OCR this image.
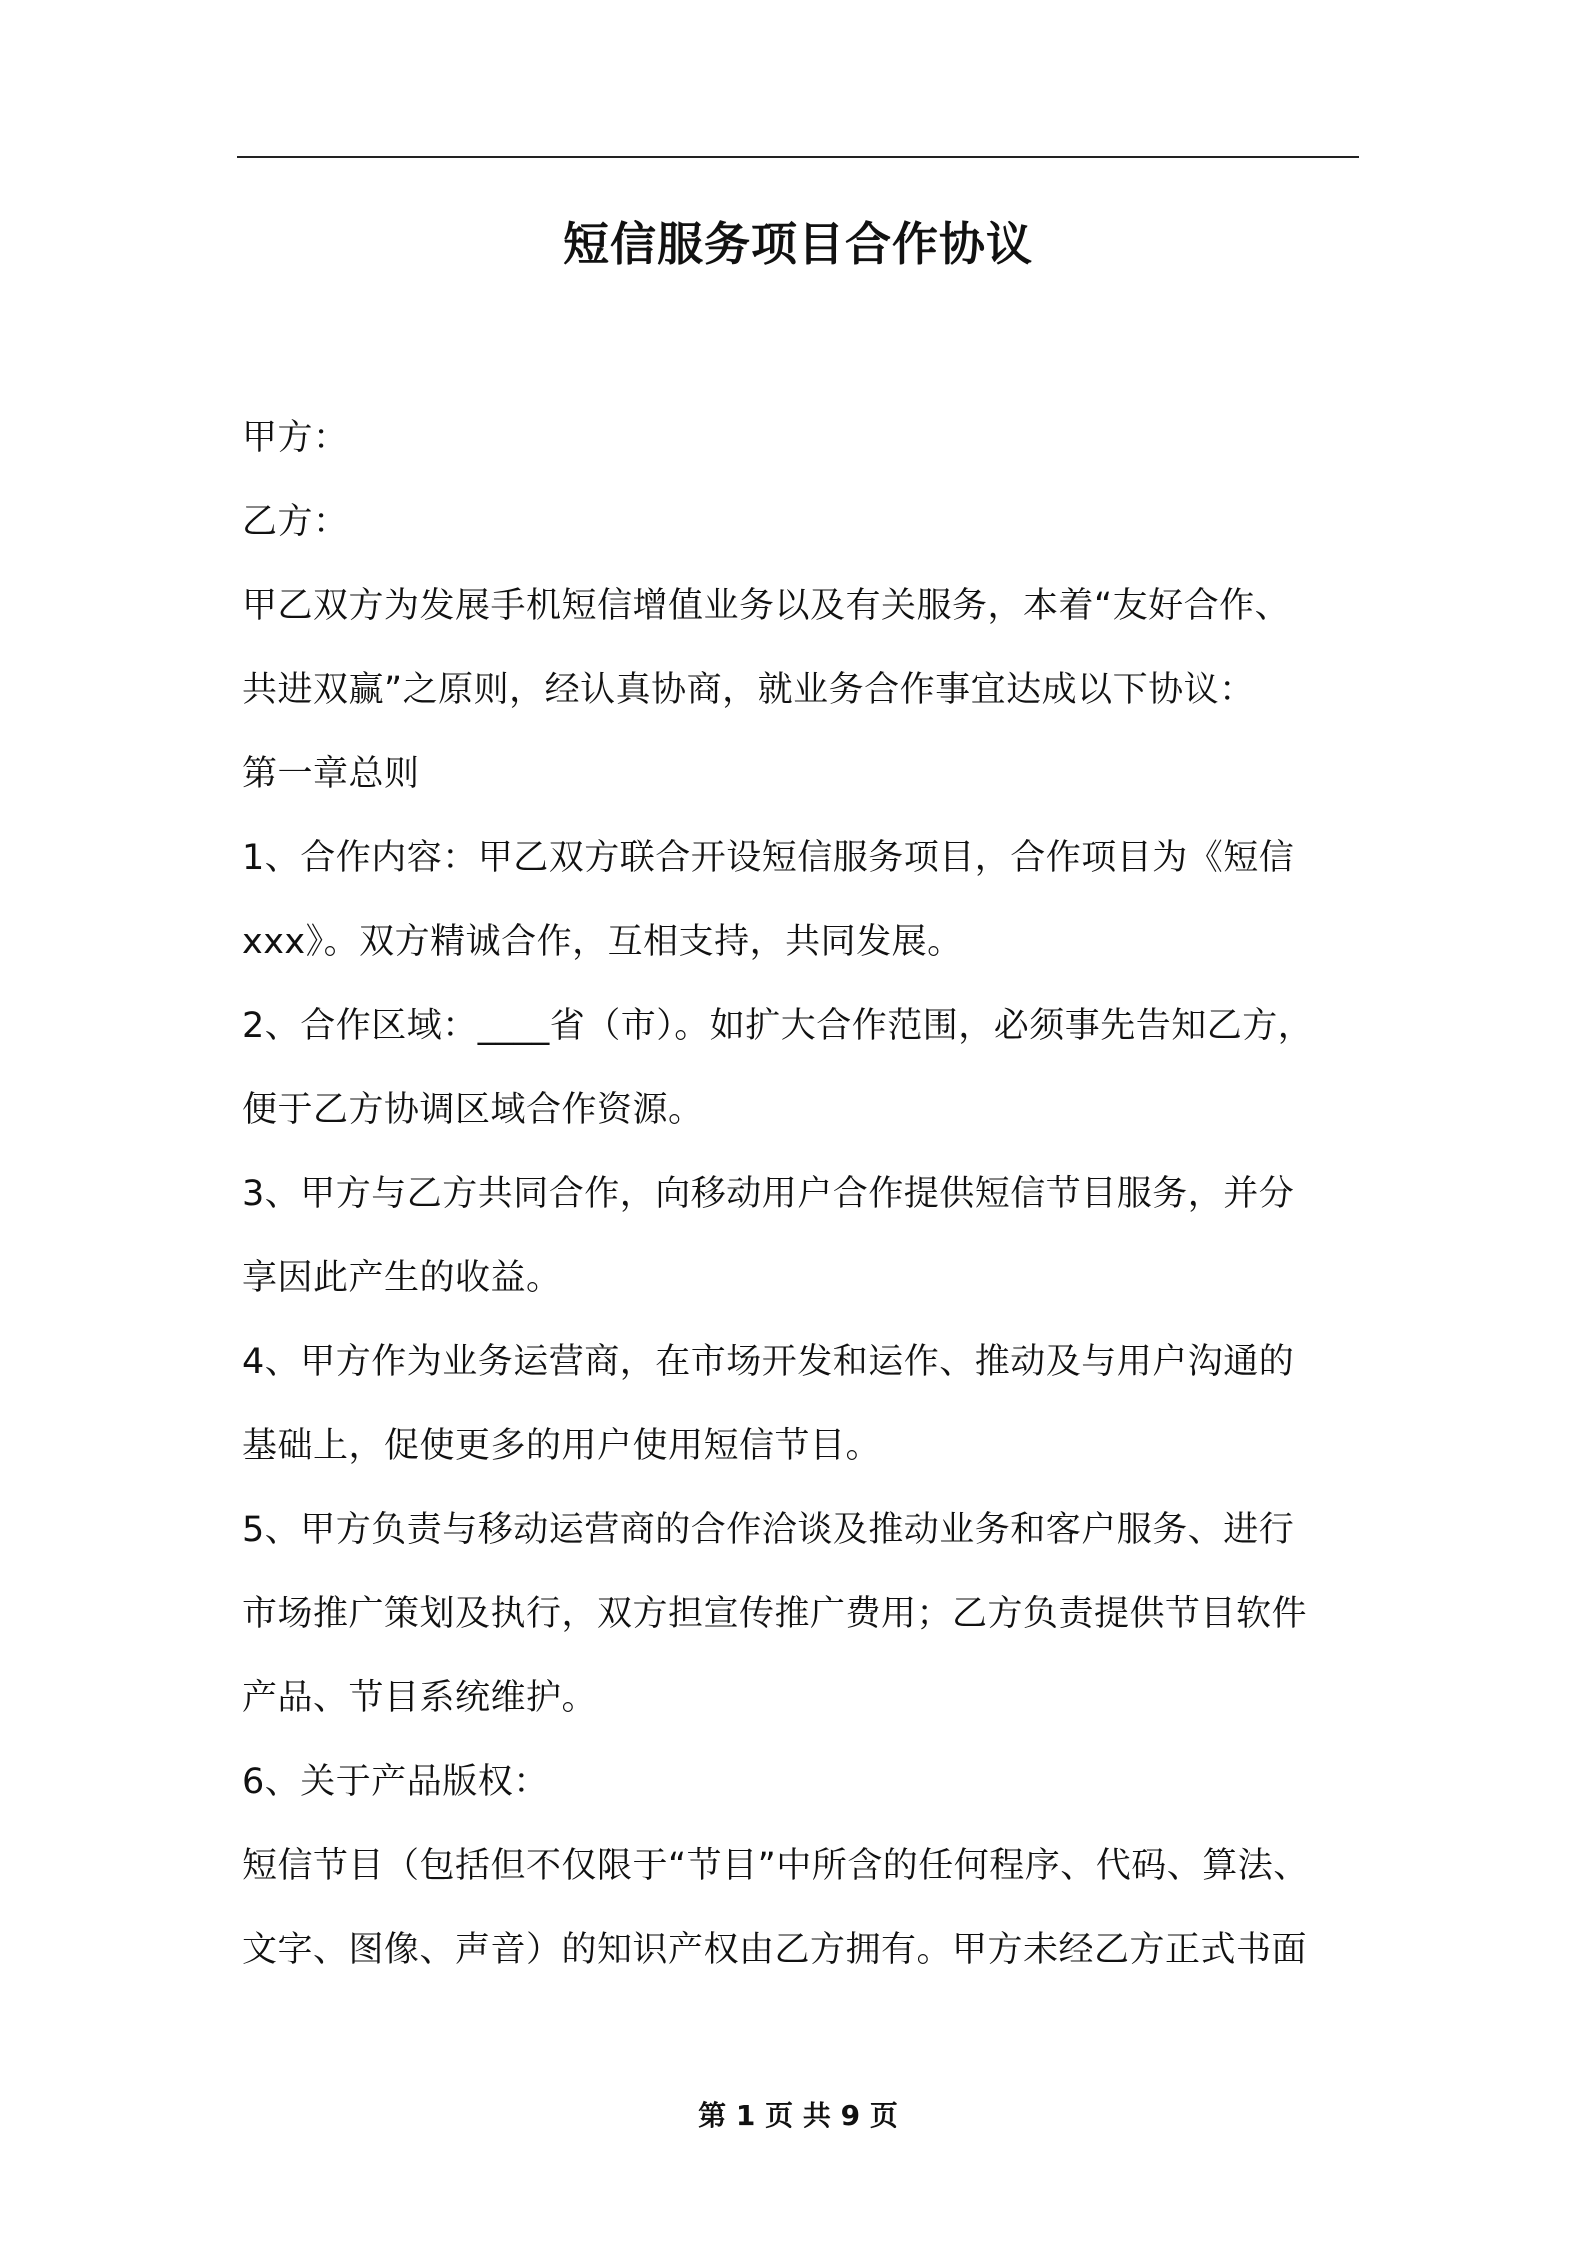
短信服务项目合作协议
甲方：
乙方：
甲乙双方为发展手机短信增值业务以及有关服务，本着“友好合作、
共进双赢”之原则，经认真协商，就业务合作事宜达成以下协议：
第一章总则
1、合作内容：甲乙双方联合开设短信服务项目，合作项目为《短信
xxx》。双方精诚合作，互相支持，共同发展。
2、合作区域：____省（市）。如扩大合作范围，必须事先告知乙方，
便于乙方协调区域合作资源。
3、甲方与乙方共同合作，向移动用户合作提供短信节目服务，并分
享因此产生的收益。
4、甲方作为业务运营商，在市场开发和运作、推动及与用户沟通的
基础上，促使更多的用户使用短信节目。
5、甲方负责与移动运营商的合作洽谈及推动业务和客户服务、进行
市场推广策划及执行，双方担宣传推广费用；乙方负责提供节目软件
产品、节目系统维护。
6、关于产品版权：
短信节目（包括但不仅限于“节目”中所含的任何程序、代码、算法、
文字、图像、声音）的知识产权由乙方拥有。甲方未经乙方正式书面
第 1 页 共 9 页
